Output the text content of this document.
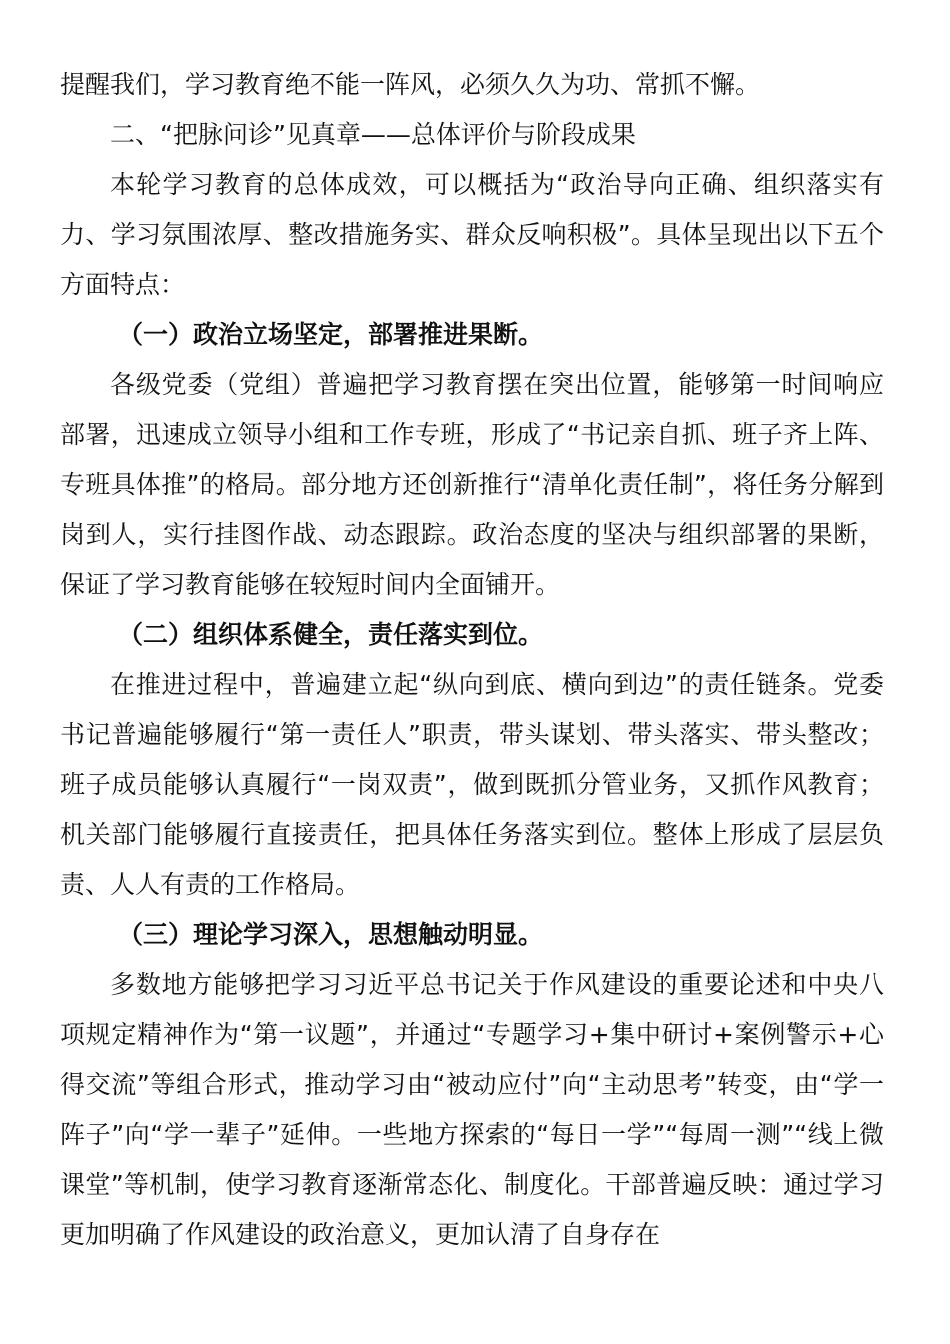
提醒我们，学习教育绝不能一阵风，必须久久为功、常抓不懈。

二、“把脉问诊”见真章——总体评价与阶段成果

本轮学习教育的总体成效，可以概括为“政治导向正确、组织落实有力、学习氛围浓厚、整改措施务实、群众反响积极”。具体呈现出以下五个方面特点：

（一）政治立场坚定，部署推进果断。

各级党委（党组）普遍把学习教育摆在突出位置，能够第一时间响应部署，迅速成立领导小组和工作专班，形成了“书记亲自抓、班子齐上阵、专班具体推”的格局。部分地方还创新推行“清单化责任制”，将任务分解到岗到人，实行挂图作战、动态跟踪。政治态度的坚决与组织部署的果断，保证了学习教育能够在较短时间内全面铺开。

（二）组织体系健全，责任落实到位。

在推进过程中，普遍建立起“纵向到底、横向到边”的责任链条。党委书记普遍能够履行“第一责任人”职责，带头谋划、带头落实、带头整改；班子成员能够认真履行“一岗双责”，做到既抓分管业务，又抓作风教育；机关部门能够履行直接责任，把具体任务落实到位。整体上形成了层层负责、人人有责的工作格局。

（三）理论学习深入，思想触动明显。

多数地方能够把学习习近平总书记关于作风建设的重要论述和中央八项规定精神作为“第一议题”，并通过“专题学习+集中研讨+案例警示+心得交流”等组合形式，推动学习由“被动应付”向“主动思考”转变，由“学一阵子”向“学一辈子”延伸。一些地方探索的“每日一学”“每周一测”“线上微课堂”等机制，使学习教育逐渐常态化、制度化。干部普遍反映：通过学习更加明确了作风建设的政治意义，更加认清了自身存在
